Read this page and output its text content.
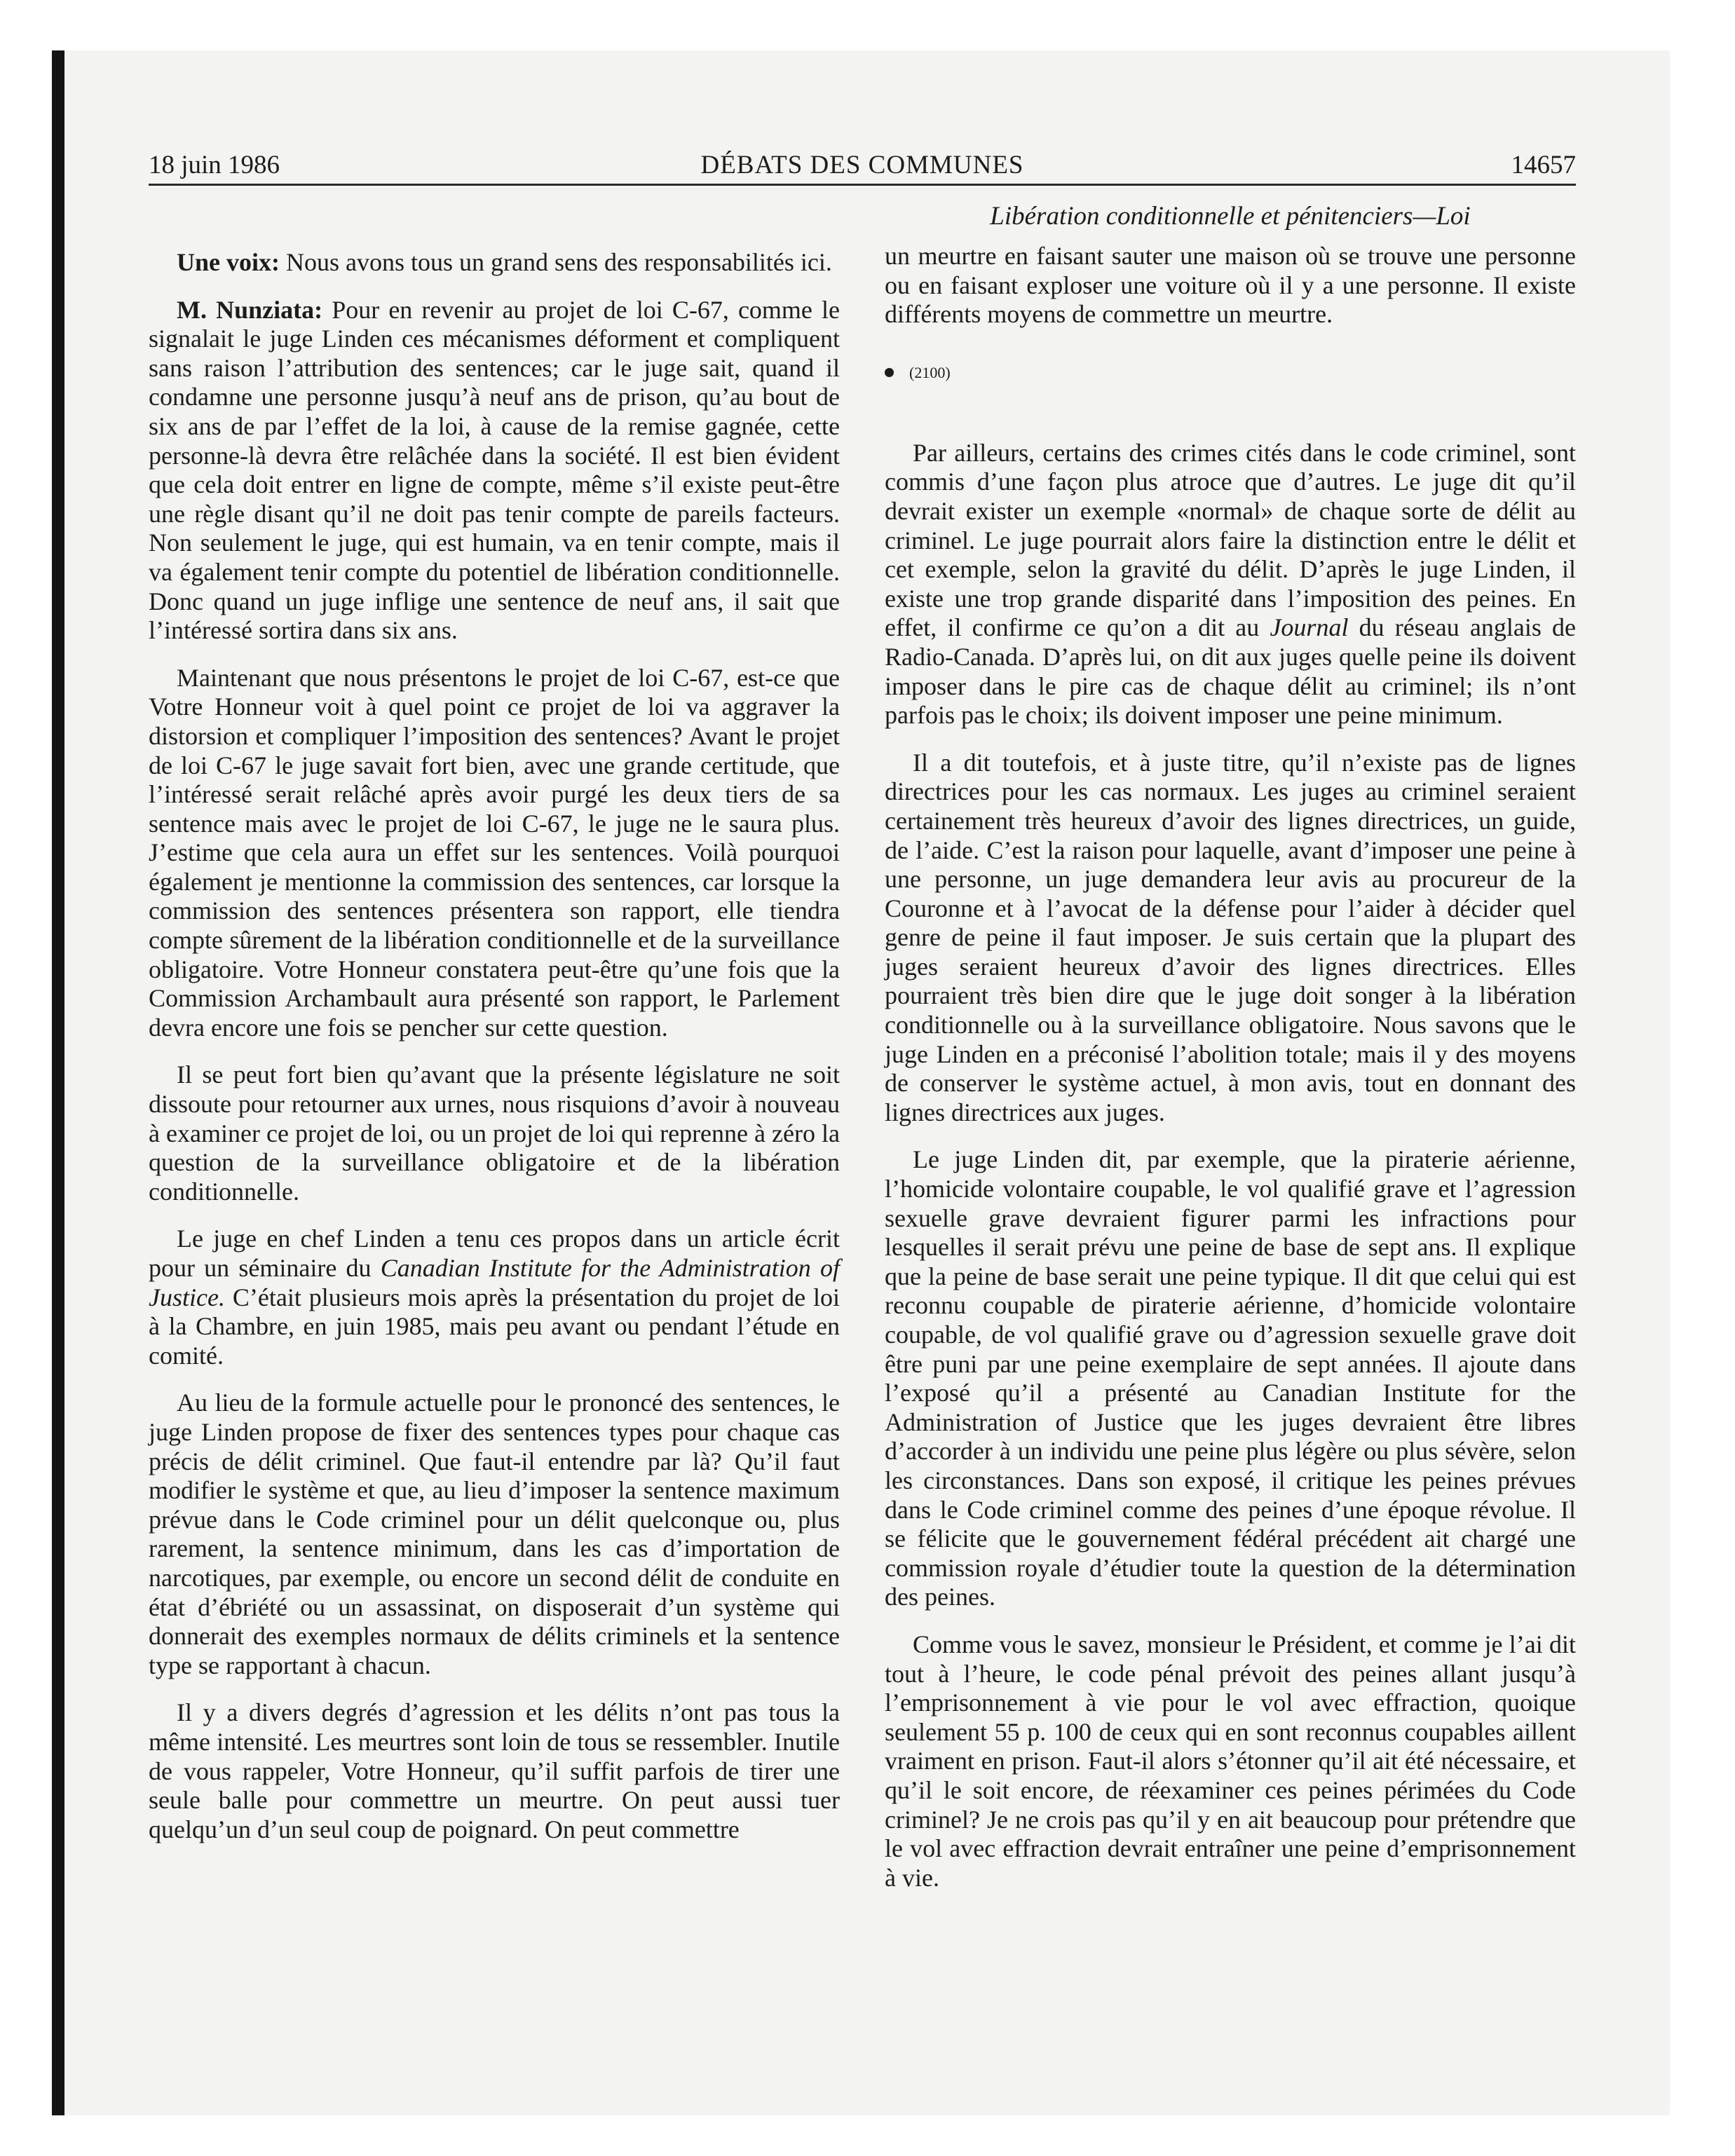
18 juin 1986	DÉBATS DES COMMUNES	14657
Libération conditionnelle et pénitenciers—Loi

Une voix: Nous avons tous un grand sens des responsabilités ici.

M. Nunziata: Pour en revenir au projet de loi C-67, comme le signalait le juge Linden ces mécanismes déforment et compliquent sans raison l’attribution des sentences; car le juge sait, quand il condamne une personne jusqu’à neuf ans de prison, qu’au bout de six ans de par l’effet de la loi, à cause de la remise gagnée, cette personne-là devra être relâchée dans la société. Il est bien évident que cela doit entrer en ligne de compte, même s’il existe peut-être une règle disant qu’il ne doit pas tenir compte de pareils facteurs. Non seulement le juge, qui est humain, va en tenir compte, mais il va également tenir compte du potentiel de libération conditionnelle. Donc quand un juge inflige une sentence de neuf ans, il sait que l’intéressé sortira dans six ans.

Maintenant que nous présentons le projet de loi C-67, est-ce que Votre Honneur voit à quel point ce projet de loi va aggraver la distorsion et compliquer l’imposition des sentences? Avant le projet de loi C-67 le juge savait fort bien, avec une grande certitude, que l’intéressé serait relâché après avoir purgé les deux tiers de sa sentence mais avec le projet de loi C-67, le juge ne le saura plus. J’estime que cela aura un effet sur les sentences. Voilà pourquoi également je mentionne la commission des sentences, car lorsque la commission des sentences présentera son rapport, elle tiendra compte sûrement de la libération conditionnelle et de la surveillance obligatoire. Votre Honneur constatera peut-être qu’une fois que la Commission Archambault aura présenté son rapport, le Parlement devra encore une fois se pencher sur cette question.

Il se peut fort bien qu’avant que la présente législature ne soit dissoute pour retourner aux urnes, nous risquions d’avoir à nouveau à examiner ce projet de loi, ou un projet de loi qui reprenne à zéro la question de la surveillance obligatoire et de la libération conditionnelle.

Le juge en chef Linden a tenu ces propos dans un article écrit pour un séminaire du Canadian Institute for the Administration of Justice. C’était plusieurs mois après la présentation du projet de loi à la Chambre, en juin 1985, mais peu avant ou pendant l’étude en comité.

Au lieu de la formule actuelle pour le prononcé des sentences, le juge Linden propose de fixer des sentences types pour chaque cas précis de délit criminel. Que faut-il entendre par là? Qu’il faut modifier le système et que, au lieu d’imposer la sentence maximum prévue dans le Code criminel pour un délit quelconque ou, plus rarement, la sentence minimum, dans les cas d’importation de narcotiques, par exemple, ou encore un second délit de conduite en état d’ébriété ou un assassinat, on disposerait d’un système qui donnerait des exemples normaux de délits criminels et la sentence type se rapportant à chacun.

Il y a divers degrés d’agression et les délits n’ont pas tous la même intensité. Les meurtres sont loin de tous se ressembler. Inutile de vous rappeler, Votre Honneur, qu’il suffit parfois de tirer une seule balle pour commettre un meurtre. On peut aussi tuer quelqu’un d’un seul coup de poignard. On peut commettre

un meurtre en faisant sauter une maison où se trouve une personne ou en faisant exploser une voiture où il y a une personne. Il existe différents moyens de commettre un meurtre.

(2100)

Par ailleurs, certains des crimes cités dans le code criminel, sont commis d’une façon plus atroce que d’autres. Le juge dit qu’il devrait exister un exemple «normal» de chaque sorte de délit au criminel. Le juge pourrait alors faire la distinction entre le délit et cet exemple, selon la gravité du délit. D’après le juge Linden, il existe une trop grande disparité dans l’imposition des peines. En effet, il confirme ce qu’on a dit au Journal du réseau anglais de Radio-Canada. D’après lui, on dit aux juges quelle peine ils doivent imposer dans le pire cas de chaque délit au criminel; ils n’ont parfois pas le choix; ils doivent imposer une peine minimum.

Il a dit toutefois, et à juste titre, qu’il n’existe pas de lignes directrices pour les cas normaux. Les juges au criminel seraient certainement très heureux d’avoir des lignes directrices, un guide, de l’aide. C’est la raison pour laquelle, avant d’imposer une peine à une personne, un juge demandera leur avis au procureur de la Couronne et à l’avocat de la défense pour l’aider à décider quel genre de peine il faut imposer. Je suis certain que la plupart des juges seraient heureux d’avoir des lignes directrices. Elles pourraient très bien dire que le juge doit songer à la libération conditionnelle ou à la surveillance obligatoire. Nous savons que le juge Linden en a préconisé l’abolition totale; mais il y des moyens de conserver le système actuel, à mon avis, tout en donnant des lignes directrices aux juges.

Le juge Linden dit, par exemple, que la piraterie aérienne, l’homicide volontaire coupable, le vol qualifié grave et l’agression sexuelle grave devraient figurer parmi les infractions pour lesquelles il serait prévu une peine de base de sept ans. Il explique que la peine de base serait une peine typique. Il dit que celui qui est reconnu coupable de piraterie aérienne, d’homicide volontaire coupable, de vol qualifié grave ou d’agression sexuelle grave doit être puni par une peine exemplaire de sept années. Il ajoute dans l’exposé qu’il a présenté au Canadian Institute for the Administration of Justice que les juges devraient être libres d’accorder à un individu une peine plus légère ou plus sévère, selon les circonstances. Dans son exposé, il critique les peines prévues dans le Code criminel comme des peines d’une époque révolue. Il se félicite que le gouvernement fédéral précédent ait chargé une commission royale d’étudier toute la question de la détermination des peines.

Comme vous le savez, monsieur le Président, et comme je l’ai dit tout à l’heure, le code pénal prévoit des peines allant jusqu’à l’emprisonnement à vie pour le vol avec effraction, quoique seulement 55 p. 100 de ceux qui en sont reconnus coupables aillent vraiment en prison. Faut-il alors s’étonner qu’il ait été nécessaire, et qu’il le soit encore, de réexaminer ces peines périmées du Code criminel? Je ne crois pas qu’il y en ait beaucoup pour prétendre que le vol avec effraction devrait entraîner une peine d’emprisonnement à vie.
